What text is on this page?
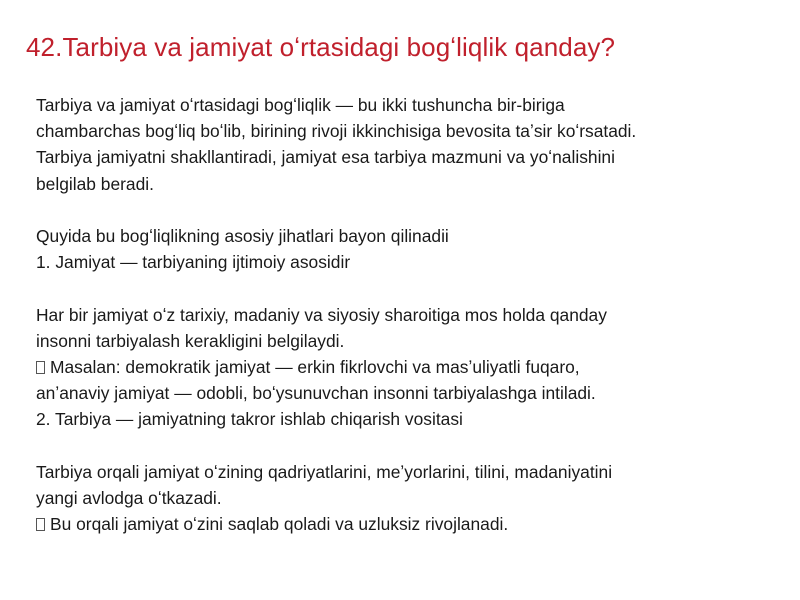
42.Tarbiya va jamiyat oʻrtasidagi bogʻliqlik qanday?
Tarbiya va jamiyat oʻrtasidagi bogʻliqlik — bu ikki tushuncha bir-biriga
chambarchas bogʻliq boʻlib, birining rivoji ikkinchisiga bevosita taʼsir koʻrsatadi.
Tarbiya jamiyatni shakllantiradi, jamiyat esa tarbiya mazmuni va yoʻnalishini
belgilab beradi.
Quyida bu bogʻliqlikning asosiy jihatlari bayon qilinadii
1. Jamiyat — tarbiyaning ijtimoiy asosidir
Har bir jamiyat oʻz tarixiy, madaniy va siyosiy sharoitiga mos holda qanday
insonni tarbiyalash kerakligini belgilaydi.
Masalan: demokratik jamiyat — erkin fikrlovchi va masʼuliyatli fuqaro,
anʼanaviy jamiyat — odobli, boʻysunuvchan insonni tarbiyalashga intiladi.
2. Tarbiya — jamiyatning takror ishlab chiqarish vositasi
Tarbiya orqali jamiyat oʻzining qadriyatlarini, meʼyorlarini, tilini, madaniyatini
yangi avlodga oʻtkazadi.
Bu orqali jamiyat oʻzini saqlab qoladi va uzluksiz rivojlanadi.
